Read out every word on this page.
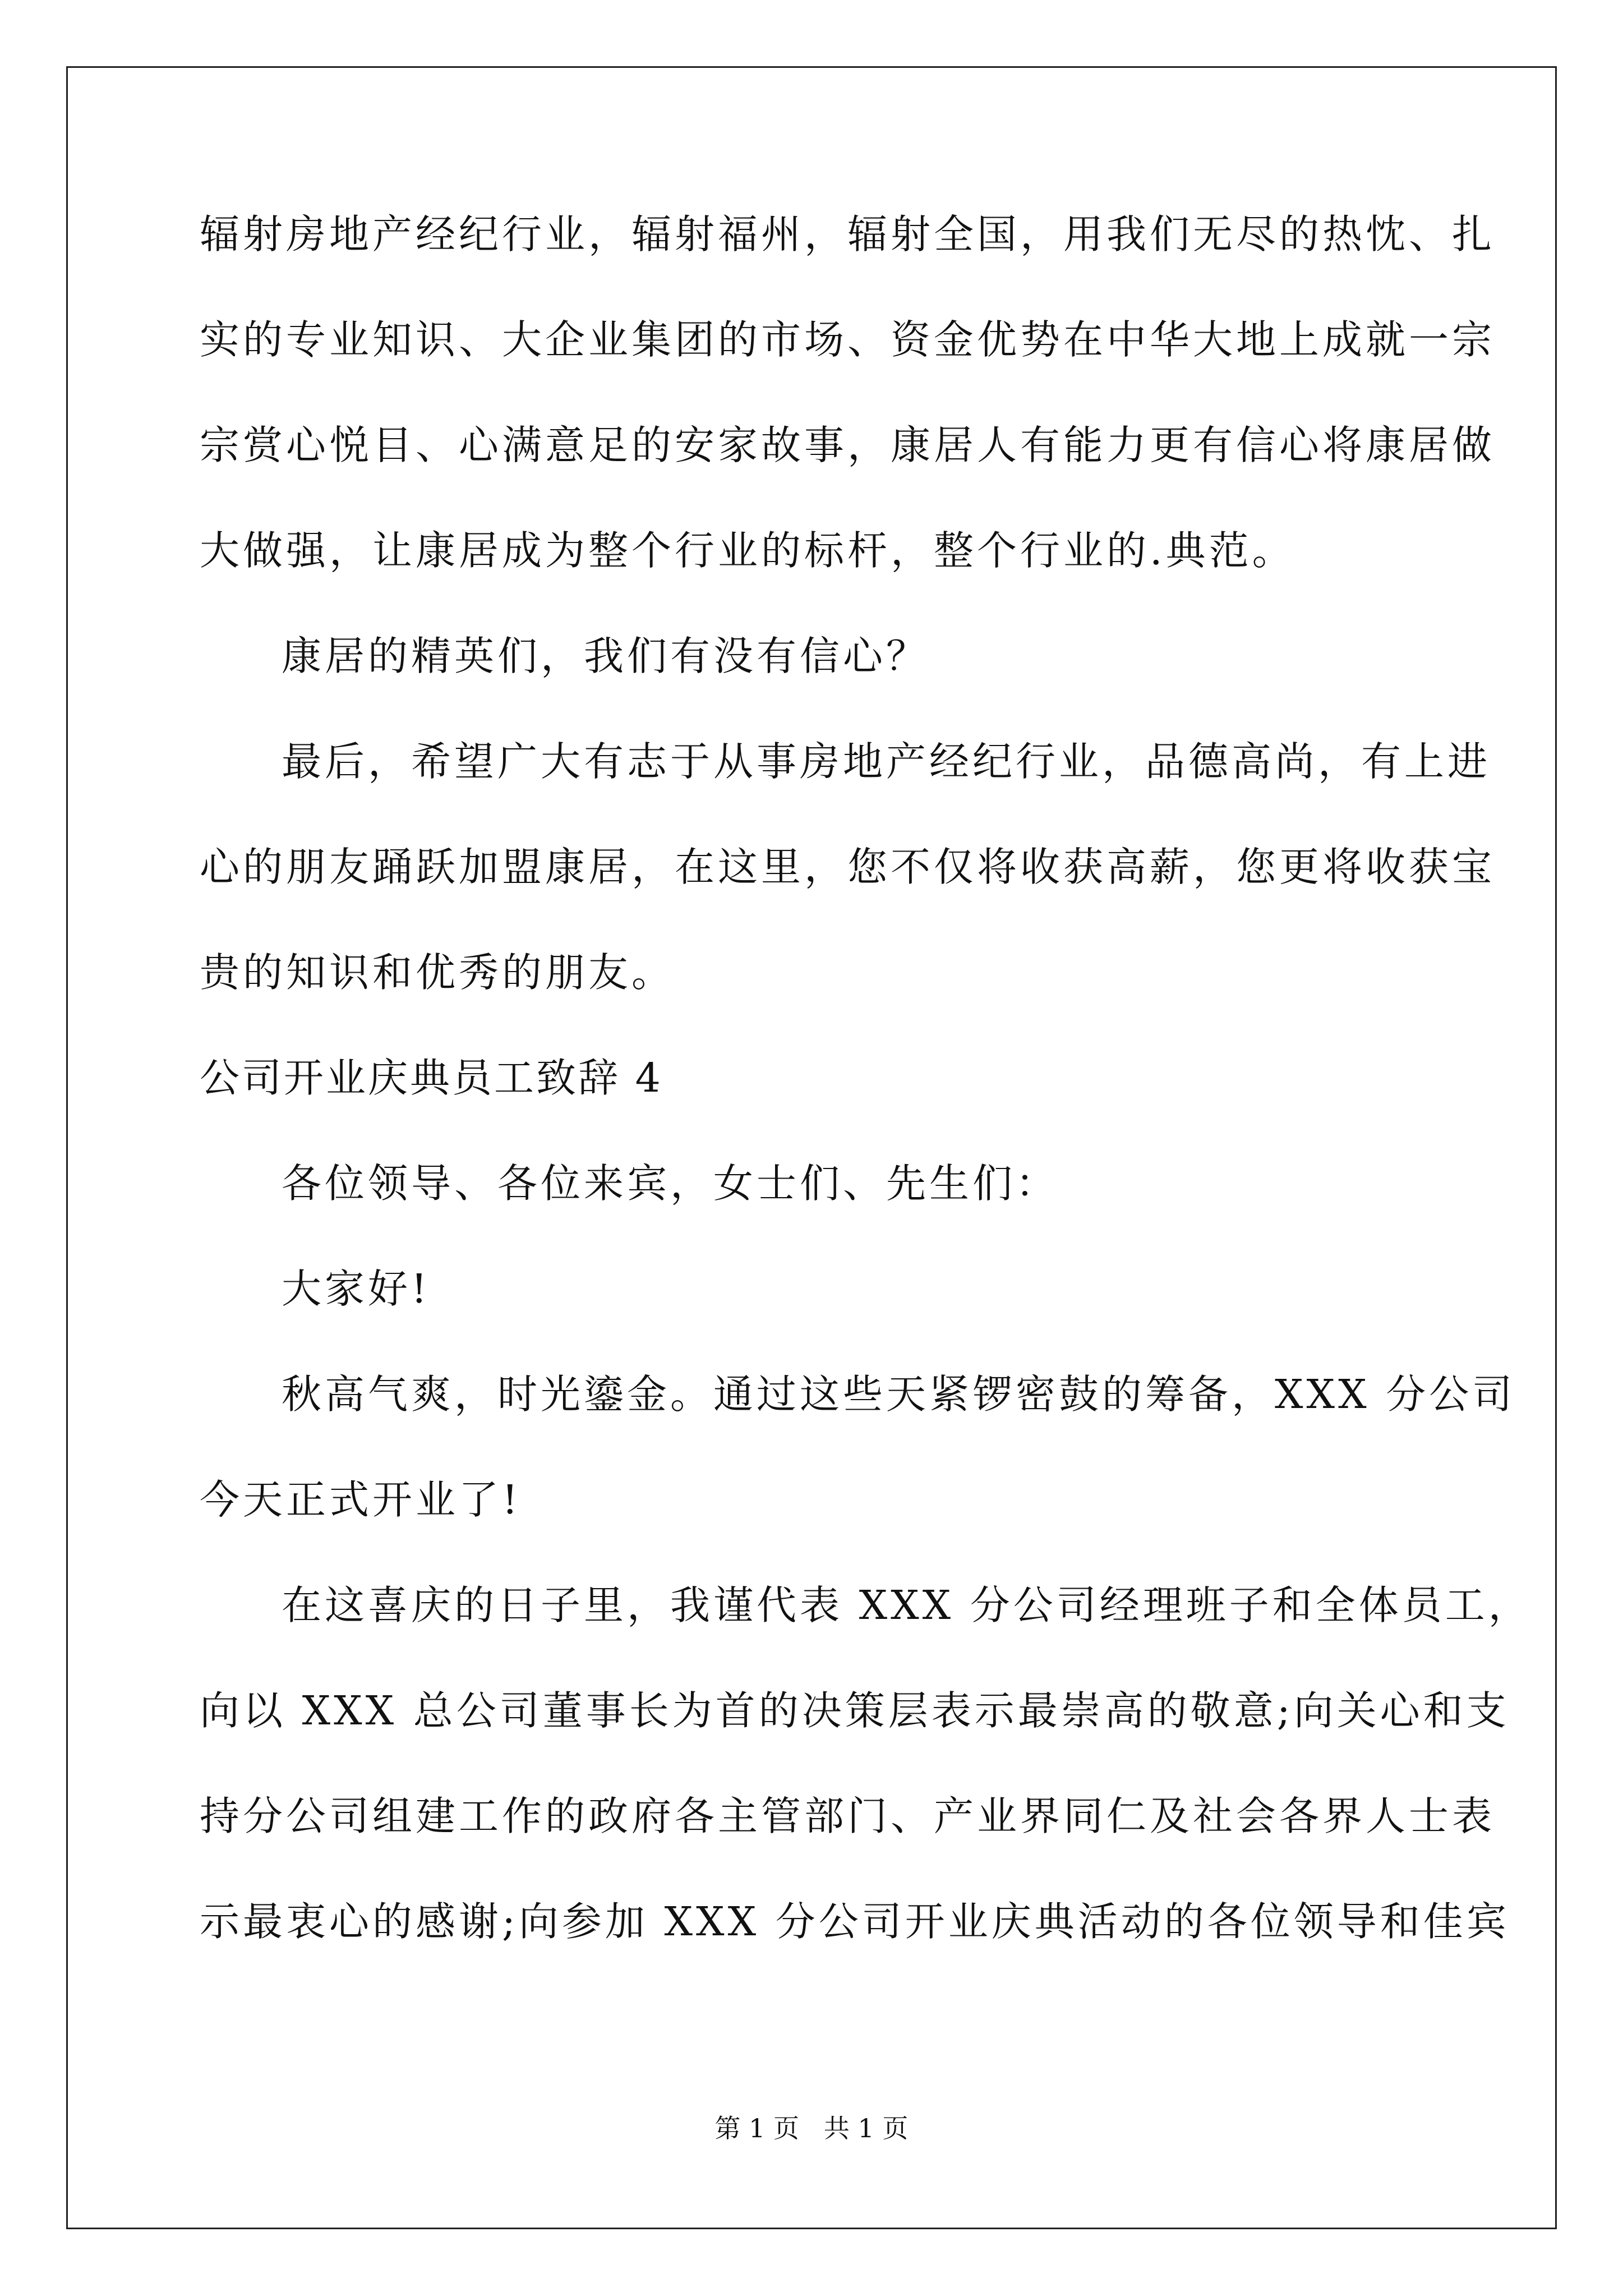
辐射房地产经纪行业，辐射福州，辐射全国，用我们无尽的热忱、扎
实的专业知识、大企业集团的市场、资金优势在中华大地上成就一宗
宗赏心悦目、心满意足的安家故事，康居人有能力更有信心将康居做
大做强，让康居成为整个行业的标杆，整个行业的.典范。
康居的精英们，我们有没有信心？
最后，希望广大有志于从事房地产经纪行业，品德高尚，有上进
心的朋友踊跃加盟康居，在这里，您不仅将收获高薪，您更将收获宝
贵的知识和优秀的朋友。
公司开业庆典员工致辞 4
各位领导、各位来宾，女士们、先生们：
大家好!
秋高气爽，时光鎏金。通过这些天紧锣密鼓的筹备，XXX 分公司
今天正式开业了!
在这喜庆的日子里，我谨代表 XXX 分公司经理班子和全体员工，
向以 XXX 总公司董事长为首的决策层表示最崇高的敬意;向关心和支
持分公司组建工作的政府各主管部门、产业界同仁及社会各界人士表
示最衷心的感谢;向参加 XXX 分公司开业庆典活动的各位领导和佳宾
第 1 页   共 1 页
